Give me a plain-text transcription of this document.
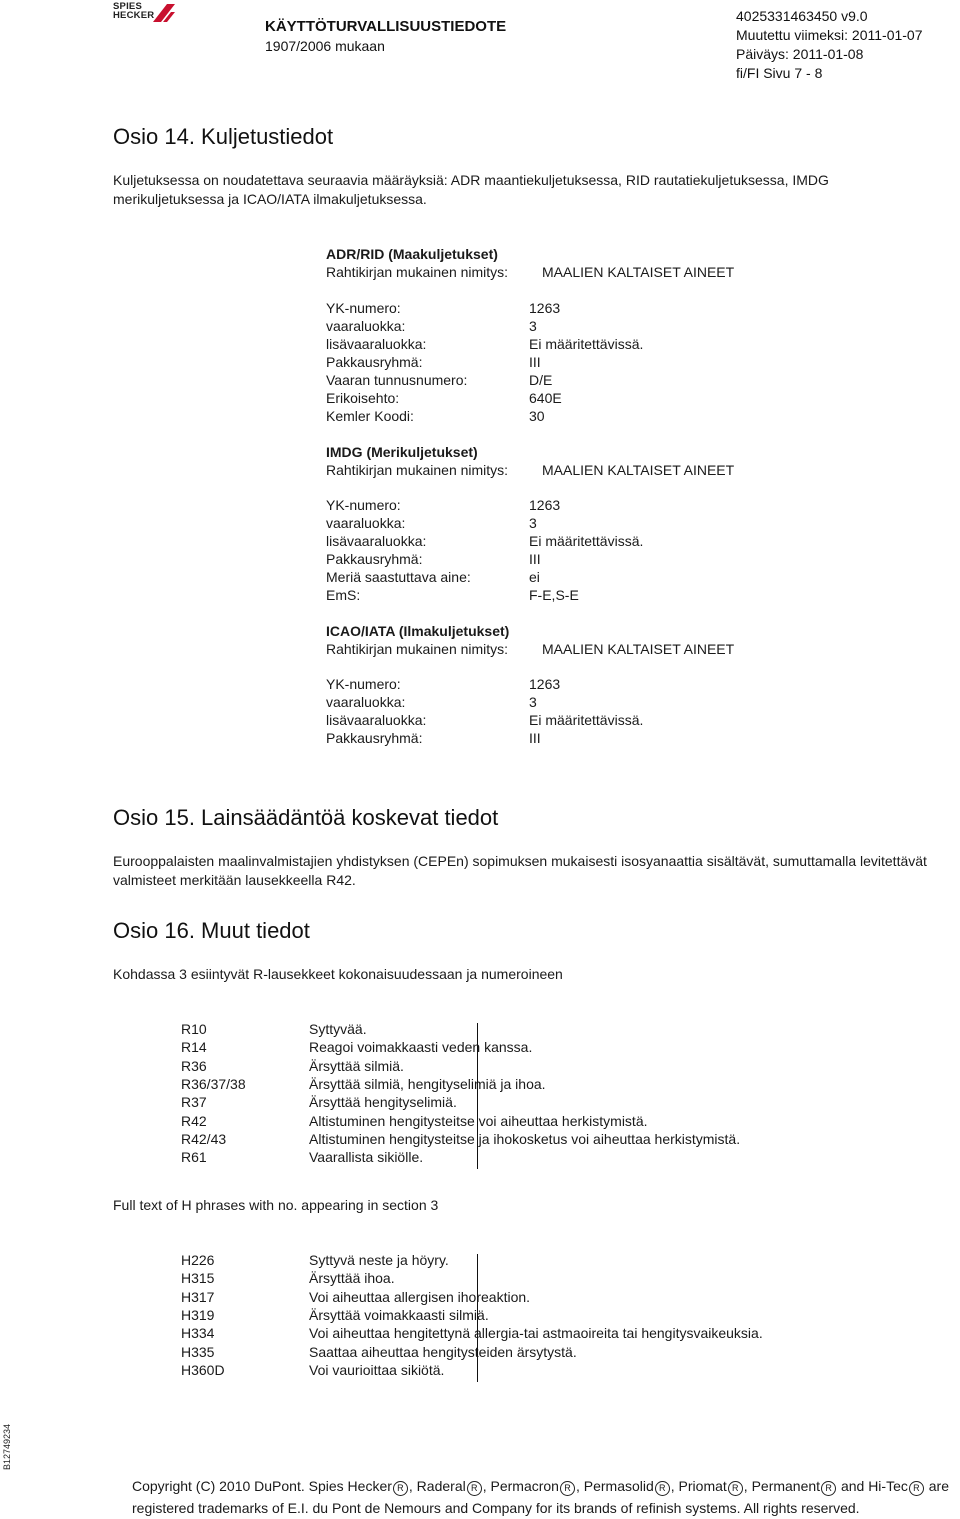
SPIES HECKER
KÄYTTÖTURVALLISUUSTIEDOTE
1907/2006 mukaan
4025331463450 v9.0
Muutettu viimeksi: 2011-01-07
Päiväys: 2011-01-08
fi/FI Sivu 7 - 8
Osio 14. Kuljetustiedot
Kuljetuksessa on noudatettava seuraavia määräyksiä: ADR maantiekuljetuksessa, RID rautatiekuljetuksessa, IMDG merikuljetuksessa ja ICAO/IATA ilmakuljetuksessa.
ADR/RID (Maakuljetukset)
Rahtikirjan mukainen nimitys: MAALIEN KALTAISET AINEET
YK-numero:	1263
vaaraluokka:	3
lisävaaraluokka:	Ei määritettävissä.
Pakkausryhmä:	III
Vaaran tunnusnumero:	D/E
Erikoisehto:	640E
Kemler Koodi:	30
IMDG (Merikuljetukset)
Rahtikirjan mukainen nimitys: MAALIEN KALTAISET AINEET
YK-numero:	1263
vaaraluokka:	3
lisävaaraluokka:	Ei määritettävissä.
Pakkausryhmä:	III
Meriä saastuttava aine:	ei
EmS:	F-E,S-E
ICAO/IATA (Ilmakuljetukset)
Rahtikirjan mukainen nimitys: MAALIEN KALTAISET AINEET
YK-numero:	1263
vaaraluokka:	3
lisävaaraluokka:	Ei määritettävissä.
Pakkausryhmä:	III
Osio 15. Lainsäädäntöä koskevat tiedot
Eurooppalaisten maalinvalmistajien yhdistyksen (CEPEn) sopimuksen mukaisesti isosyanaattia sisältävät, sumuttamalla levitettävät valmisteet merkitään lausekkeella R42.
Osio 16. Muut tiedot
Kohdassa 3 esiintyvät R-lausekkeet kokonaisuudessaan ja numeroineen
R10	Syttyvää.
R14	Reagoi voimakkaasti veden kanssa.
R36	Ärsyttää silmiä.
R36/37/38	Ärsyttää silmiä, hengityselimiä ja ihoa.
R37	Ärsyttää hengityselimiä.
R42	Altistuminen hengitysteitse voi aiheuttaa herkistymistä.
R42/43	Altistuminen hengitysteitse ja ihokosketus voi aiheuttaa herkistymistä.
R61	Vaarallista sikiölle.
Full text of H phrases with no. appearing in section 3
H226	Syttyvä neste ja höyry.
H315	Ärsyttää ihoa.
H317	Voi aiheuttaa allergisen ihoreaktion.
H319	Ärsyttää voimakkaasti silmiä.
H334	Voi aiheuttaa hengitettynä allergia-tai astmaoireita tai hengitysvaikeuksia.
H335	Saattaa aiheuttaa hengitysteiden ärsytystä.
H360D	Voi vaurioittaa sikiötä.
B12749234
Copyright (C) 2010 DuPont. Spies Hecker R , Raderal R , Permacron R , Permasolid R , Priomat R , Permanent R and Hi-Tec R are
registered trademarks of E.I. du Pont de Nemours and Company for its brands of refinish systems. All rights reserved.
